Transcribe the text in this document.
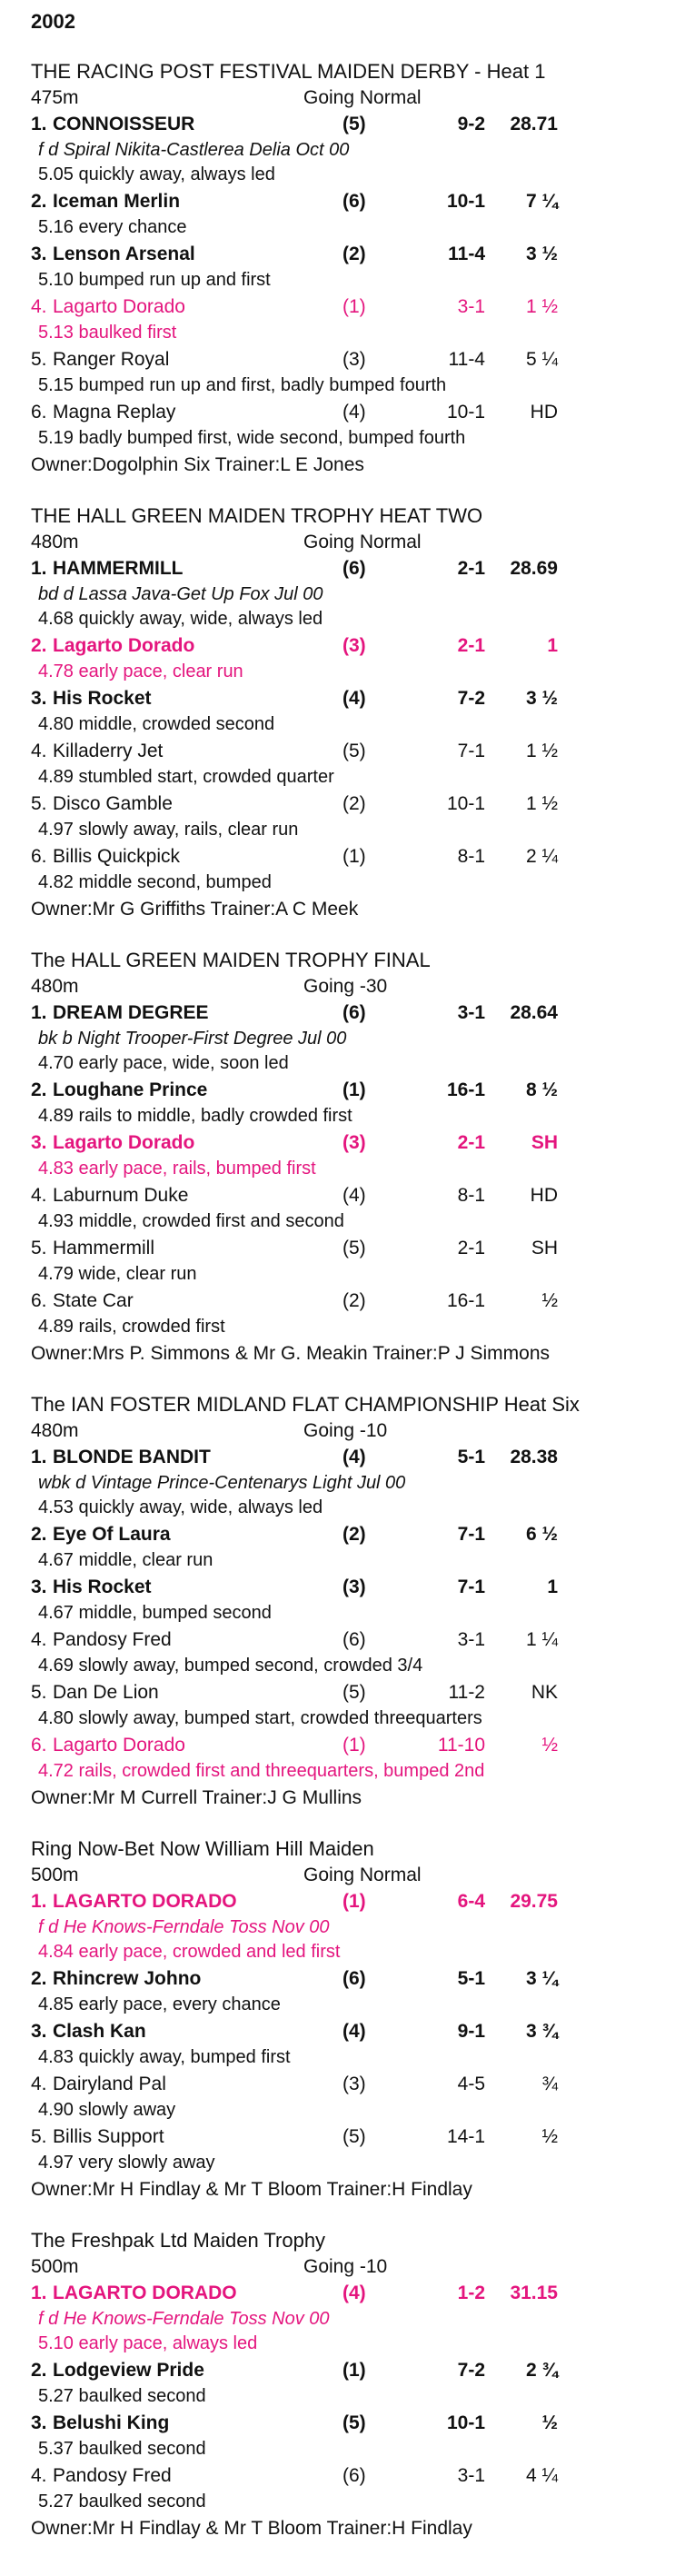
2002
THE RACING POST FESTIVAL MAIDEN DERBY - Heat 1
475m	Going Normal
1. CONNOISSEUR	(5)	9-2	28.71
f d Spiral Nikita-Castlerea Delia Oct 00
5.05 quickly away, always led
2. Iceman Merlin	(6)	10-1	7 ¼
5.16 every chance
3. Lenson Arsenal	(2)	11-4	3 ½
5.10 bumped run up and first
4. Lagarto Dorado	(1)	3-1	1 ½
5.13 baulked first
5. Ranger Royal	(3)	11-4	5 ¼
5.15 bumped run up and first, badly bumped fourth
6. Magna Replay	(4)	10-1	HD
5.19 badly bumped first, wide second, bumped fourth
Owner:Dogolphin Six Trainer:L E Jones
THE HALL GREEN MAIDEN TROPHY HEAT TWO
480m	Going Normal
1. HAMMERMILL	(6)	2-1	28.69
bd d Lassa Java-Get Up Fox Jul 00
4.68 quickly away, wide, always led
2. Lagarto Dorado	(3)	2-1	1
4.78 early pace, clear run
3. His Rocket	(4)	7-2	3 ½
4.80 middle, crowded second
4. Killaderry Jet	(5)	7-1	1 ½
4.89 stumbled start, crowded quarter
5. Disco Gamble	(2)	10-1	1 ½
4.97 slowly away, rails, clear run
6. Billis Quickpick	(1)	8-1	2 ¼
4.82 middle second, bumped
Owner:Mr G Griffiths Trainer:A C Meek
The HALL GREEN MAIDEN TROPHY FINAL
480m	Going -30
1. DREAM DEGREE	(6)	3-1	28.64
bk b Night Trooper-First Degree Jul 00
4.70 early pace, wide, soon led
2. Loughane Prince	(1)	16-1	8 ½
4.89 rails to middle, badly crowded first
3. Lagarto Dorado	(3)	2-1	SH
4.83 early pace, rails, bumped first
4. Laburnum Duke	(4)	8-1	HD
4.93 middle, crowded first and second
5. Hammermill	(5)	2-1	SH
4.79 wide, clear run
6. State Car	(2)	16-1	½
4.89 rails, crowded first
Owner:Mrs P. Simmons & Mr G. Meakin Trainer:P J Simmons
The IAN FOSTER MIDLAND FLAT CHAMPIONSHIP Heat Six
480m	Going -10
1. BLONDE BANDIT	(4)	5-1	28.38
wbk d Vintage Prince-Centenarys Light Jul 00
4.53 quickly away, wide, always led
2. Eye Of Laura	(2)	7-1	6 ½
4.67 middle, clear run
3. His Rocket	(3)	7-1	1
4.67 middle, bumped second
4. Pandosy Fred	(6)	3-1	1 ¼
4.69 slowly away, bumped second, crowded 3/4
5. Dan De Lion	(5)	11-2	NK
4.80 slowly away, bumped start, crowded threequarters
6. Lagarto Dorado	(1)	11-10	½
4.72 rails, crowded first and threequarters, bumped 2nd
Owner:Mr M Currell Trainer:J G Mullins
Ring Now-Bet Now William Hill Maiden
500m	Going Normal
1. LAGARTO DORADO	(1)	6-4	29.75
f d He Knows-Ferndale Toss Nov 00
4.84 early pace, crowded and led first
2. Rhincrew Johno	(6)	5-1	3 ¼
4.85 early pace, every chance
3. Clash Kan	(4)	9-1	3 ¾
4.83 quickly away, bumped first
4. Dairyland Pal	(3)	4-5	¾
4.90 slowly away
5. Billis Support	(5)	14-1	½
4.97 very slowly away
Owner:Mr H Findlay & Mr T Bloom Trainer:H Findlay
The Freshpak Ltd Maiden Trophy
500m	Going -10
1. LAGARTO DORADO	(4)	1-2	31.15
f d He Knows-Ferndale Toss Nov 00
5.10 early pace, always led
2. Lodgeview Pride	(1)	7-2	2 ¾
5.27 baulked second
3. Belushi King	(5)	10-1	½
5.37 baulked second
4. Pandosy Fred	(6)	3-1	4 ¼
5.27 baulked second
Owner:Mr H Findlay & Mr T Bloom Trainer:H Findlay
